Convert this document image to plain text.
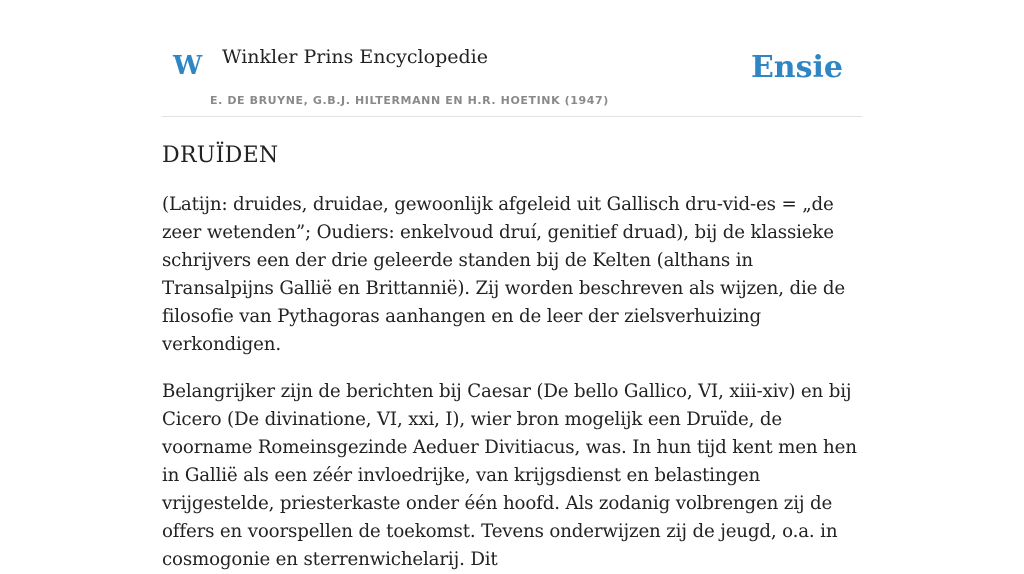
W Winkler Prins Encyclopedie
E. DE BRUYNE, G.B.J. HILTERMANN EN H.R. HOETINK (1947)
Ensie
DRUÏDEN

(Latijn: druides, druidae, gewoonlijk afgeleid uit Gallisch dru-vid-es = „de zeer wetenden”; Oudiers: enkelvoud druí, genitief druad), bij de klassieke schrijvers een der drie geleerde standen bij de Kelten (althans in Transalpijns Gallië en Brittannië). Zij worden beschreven als wijzen, die de filosofie van Pythagoras aanhangen en de leer der zielsverhuizing verkondigen.

Belangrijker zijn de berichten bij Caesar (De bello Gallico, VI, xiii-xiv) en bij Cicero (De divinatione, VI, xxi, I), wier bron mogelijk een Druïde, de voorname Romeinsgezinde Aeduer Divitiacus, was. In hun tijd kent men hen in Gallië als een zéér invloedrijke, van krijgsdienst en belastingen vrijgestelde, priesterkaste onder één hoofd. Als zodanig volbrengen zij de offers en voorspellen de toekomst. Tevens onderwijzen zij de jeugd, o.a. in cosmogonie en sterrenwichelarij. Dit
